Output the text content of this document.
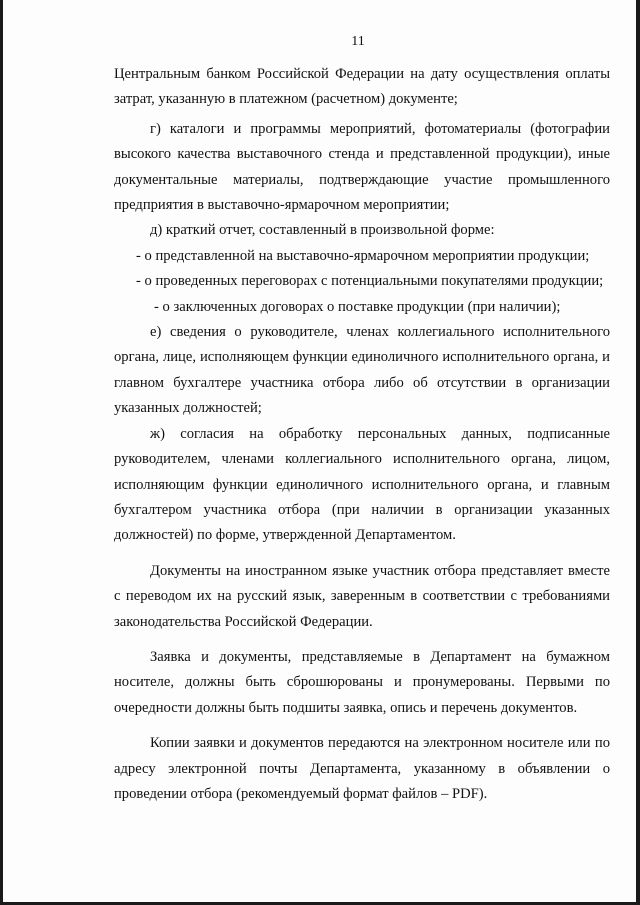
11

Центральным банком Российской Федерации на дату осуществления оплаты затрат, указанную в платежном (расчетном) документе;

г) каталоги и программы мероприятий, фотоматериалы (фотографии высокого качества выставочного стенда и представленной продукции), иные документальные материалы, подтверждающие участие промышленного предприятия в выставочно-ярмарочном мероприятии;

д) краткий отчет, составленный в произвольной форме:

- о представленной на выставочно-ярмарочном мероприятии продукции;

- о проведенных переговорах с потенциальными покупателями продукции;

- о заключенных договорах о поставке продукции (при наличии);

е) сведения о руководителе, членах коллегиального исполнительного органа, лице, исполняющем функции единоличного исполнительного органа, и главном бухгалтере участника отбора либо об отсутствии в организации указанных должностей;

ж) согласия на обработку персональных данных, подписанные руководителем, членами коллегиального исполнительного органа, лицом, исполняющим функции единоличного исполнительного органа, и главным бухгалтером участника отбора (при наличии в организации указанных должностей) по форме, утвержденной Департаментом.

Документы на иностранном языке участник отбора представляет вместе с переводом их на русский язык, заверенным в соответствии с требованиями законодательства Российской Федерации.

Заявка и документы, представляемые в Департамент на бумажном носителе, должны быть сброшюрованы и пронумерованы. Первыми по очередности должны быть подшиты заявка, опись и перечень документов.

Копии заявки и документов передаются на электронном носителе или по адресу электронной почты Департамента, указанному в объявлении о проведении отбора (рекомендуемый формат файлов – PDF).
